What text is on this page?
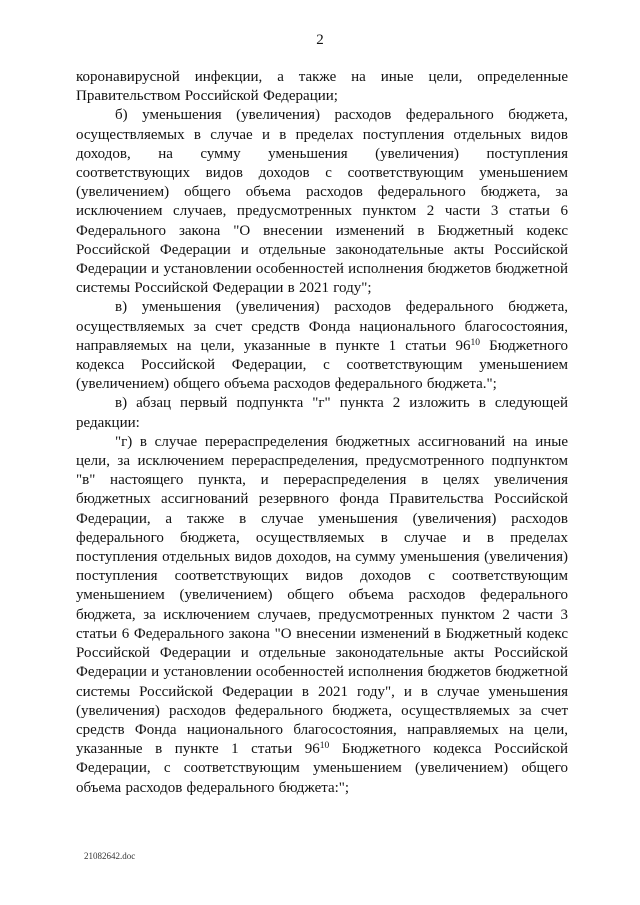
2

коронавирусной инфекции, а также на иные цели, определенные Правительством Российской Федерации;

б) уменьшения (увеличения) расходов федерального бюджета, осуществляемых в случае и в пределах поступления отдельных видов доходов, на сумму уменьшения (увеличения) поступления соответствующих видов доходов с соответствующим уменьшением (увеличением) общего объема расходов федерального бюджета, за исключением случаев, предусмотренных пунктом 2 части 3 статьи 6 Федерального закона "О внесении изменений в Бюджетный кодекс Российской Федерации и отдельные законодательные акты Российской Федерации и установлении особенностей исполнения бюджетов бюджетной системы Российской Федерации в 2021 году";

в) уменьшения (увеличения) расходов федерального бюджета, осуществляемых за счет средств Фонда национального благосостояния, направляемых на цели, указанные в пункте 1 статьи $96^{10}$ Бюджетного кодекса Российской Федерации, с соответствующим уменьшением (увеличением) общего объема расходов федерального бюджета.";

в) абзац первый подпункта "г" пункта 2 изложить в следующей редакции:

"г) в случае перераспределения бюджетных ассигнований на иные цели, за исключением перераспределения, предусмотренного подпунктом "в" настоящего пункта, и перераспределения в целях увеличения бюджетных ассигнований резервного фонда Правительства Российской Федерации, а также в случае уменьшения (увеличения) расходов федерального бюджета, осуществляемых в случае и в пределах поступления отдельных видов доходов, на сумму уменьшения (увеличения) поступления соответствующих видов доходов с соответствующим уменьшением (увеличением) общего объема расходов федерального бюджета, за исключением случаев, предусмотренных пунктом 2 части 3 статьи 6 Федерального закона "О внесении изменений в Бюджетный кодекс Российской Федерации и отдельные законодательные акты Российской Федерации и установлении особенностей исполнения бюджетов бюджетной системы Российской Федерации в 2021 году", и в случае уменьшения (увеличения) расходов федерального бюджета, осуществляемых за счет средств Фонда национального благосостояния, направляемых на цели, указанные в пункте 1 статьи $96^{10}$ Бюджетного кодекса Российской Федерации, с соответствующим уменьшением (увеличением) общего объема расходов федерального бюджета:";

21082642.doc
